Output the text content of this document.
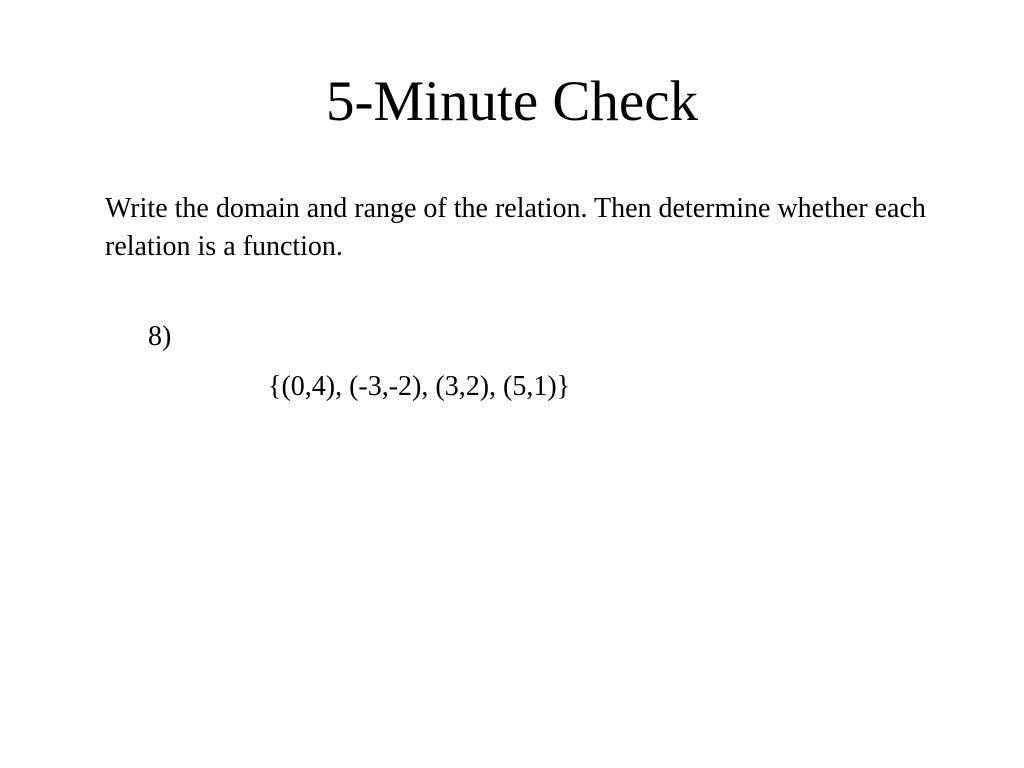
5-Minute Check

Write the domain and range of the relation. Then determine whether each relation is a function.

8)

{(0,4), (-3,-2), (3,2), (5,1)}
